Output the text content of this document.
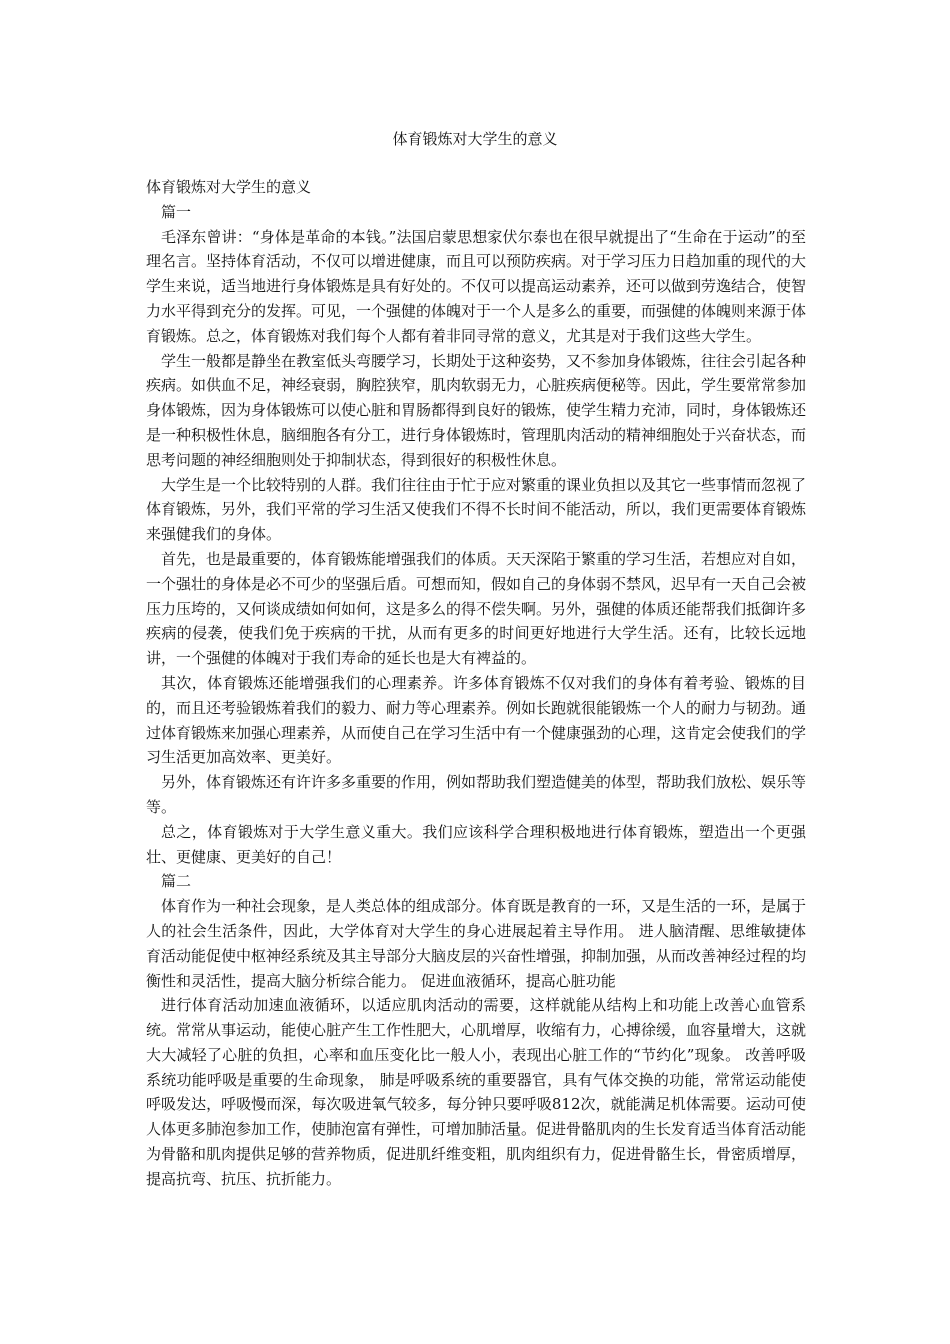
体育锻炼对大学生的意义

体育锻炼对大学生的意义

篇一

毛泽东曾讲：“身体是革命的本钱。”法国启蒙思想家伏尔泰也在很早就提出了“生命在于运动”的至理名言。坚持体育活动，不仅可以增进健康，而且可以预防疾病。对于学习压力日趋加重的现代的大学生来说，适当地进行身体锻炼是具有好处的。不仅可以提高运动素养，还可以做到劳逸结合，使智力水平得到充分的发挥。可见，一个强健的体魄对于一个人是多么的重要，而强健的体魄则来源于体育锻炼。总之，体育锻炼对我们每个人都有着非同寻常的意义，尤其是对于我们这些大学生。

学生一般都是静坐在教室低头弯腰学习，长期处于这种姿势，又不参加身体锻炼，往往会引起各种疾病。如供血不足，神经衰弱，胸腔狭窄，肌肉软弱无力，心脏疾病便秘等。因此，学生要常常参加身体锻炼，因为身体锻炼可以使心脏和胃肠都得到良好的锻炼，使学生精力充沛，同时，身体锻炼还是一种积极性休息，脑细胞各有分工，进行身体锻炼时，管理肌肉活动的精神细胞处于兴奋状态，而思考问题的神经细胞则处于抑制状态，得到很好的积极性休息。

大学生是一个比较特别的人群。我们往往由于忙于应对繁重的课业负担以及其它一些事情而忽视了体育锻炼，另外，我们平常的学习生活又使我们不得不长时间不能活动，所以，我们更需要体育锻炼来强健我们的身体。

首先，也是最重要的，体育锻炼能增强我们的体质。天天深陷于繁重的学习生活，若想应对自如，一个强壮的身体是必不可少的坚强后盾。可想而知，假如自己的身体弱不禁风，迟早有一天自己会被压力压垮的，又何谈成绩如何如何，这是多么的得不偿失啊。另外，强健的体质还能帮我们抵御许多疾病的侵袭，使我们免于疾病的干扰，从而有更多的时间更好地进行大学生活。还有，比较长远地讲，一个强健的体魄对于我们寿命的延长也是大有裨益的。

其次，体育锻炼还能增强我们的心理素养。许多体育锻炼不仅对我们的身体有着考验、锻炼的目的，而且还考验锻炼着我们的毅力、耐力等心理素养。例如长跑就很能锻炼一个人的耐力与韧劲。通过体育锻炼来加强心理素养，从而使自己在学习生活中有一个健康强劲的心理，这肯定会使我们的学习生活更加高效率、更美好。

另外，体育锻炼还有许许多多重要的作用，例如帮助我们塑造健美的体型，帮助我们放松、娱乐等等。

总之，体育锻炼对于大学生意义重大。我们应该科学合理积极地进行体育锻炼，塑造出一个更强壮、更健康、更美好的自己！

篇二

体育作为一种社会现象，是人类总体的组成部分。体育既是教育的一环，又是生活的一环，是属于人的社会生活条件，因此，大学体育对大学生的身心进展起着主导作用。 进人脑清醒、思维敏捷体育活动能促使中枢神经系统及其主导部分大脑皮层的兴奋性增强，抑制加强，从而改善神经过程的均衡性和灵活性，提高大脑分析综合能力。 促进血液循环，提高心脏功能

进行体育活动加速血液循环，以适应肌肉活动的需要，这样就能从结构上和功能上改善心血管系统。常常从事运动，能使心脏产生工作性肥大，心肌增厚，收缩有力，心搏徐缓，血容量增大，这就大大减轻了心脏的负担，心率和血压变化比一般人小，表现出心脏工作的“节约化”现象。 改善呼吸系统功能呼吸是重要的生命现象， 肺是呼吸系统的重要器官，具有气体交换的功能，常常运动能使呼吸发达，呼吸慢而深，每次吸进氧气较多，每分钟只要呼吸812次，就能满足机体需要。运动可使人体更多肺泡参加工作，使肺泡富有弹性，可增加肺活量。促进骨骼肌肉的生长发育适当体育活动能为骨骼和肌肉提供足够的营养物质，促进肌纤维变粗，肌肉组织有力，促进骨骼生长，骨密质增厚，提高抗弯、抗压、抗折能力。
